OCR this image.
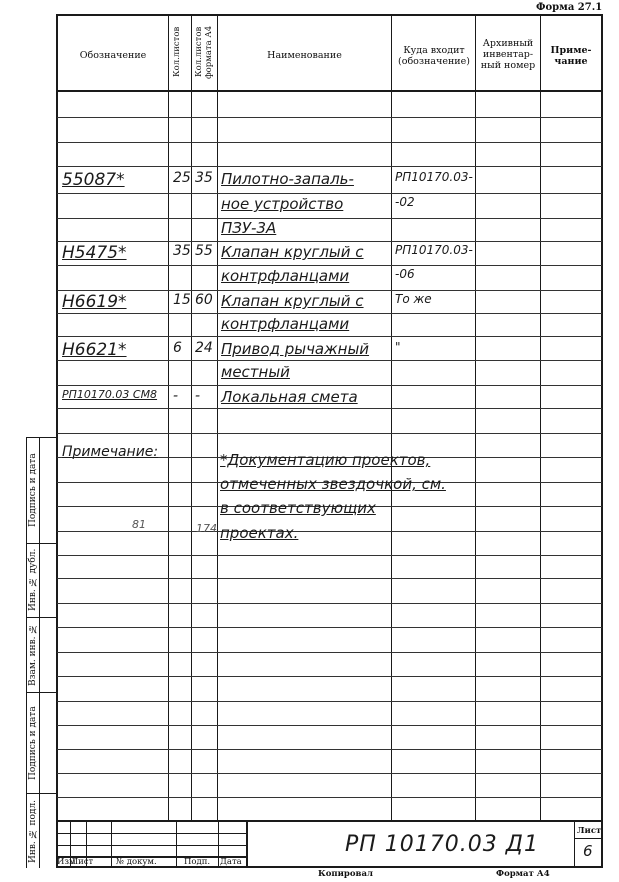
Форма 27.1
Обозначение	Кол.листов	Кол.листов формата А4	Наименование	Куда входит (обозначение)
Архивный инвентар- ный номер
Приме- чание
55087*	25 35 Пилотно-запаль-	РП10170.03-
ное устройство	-02
ПЗУ-3А
Н5475*	35 55 Клапан круглый с	РП10170.03-
контрфланцами	-06
Н6619*	15 60 Клапан круглый с	То же
контрфланцами
Н6621*	6 24 Привод рычажный "
местный
РП10170.03 СМ8 - - Локальная смета
Примечание:	*Документацию проектов,
отмеченных звездочкой, см.
в соответствующих
проектах.
81	174
Подпись и дата
Инв. № дубл.
Взам. инв. №
Подпись и дата
Инв. № подл. Изм
Лист	№ докум.	Подп. Дата
РП 10170.03 Д1
Лист
6
Копировал	Формат А4
